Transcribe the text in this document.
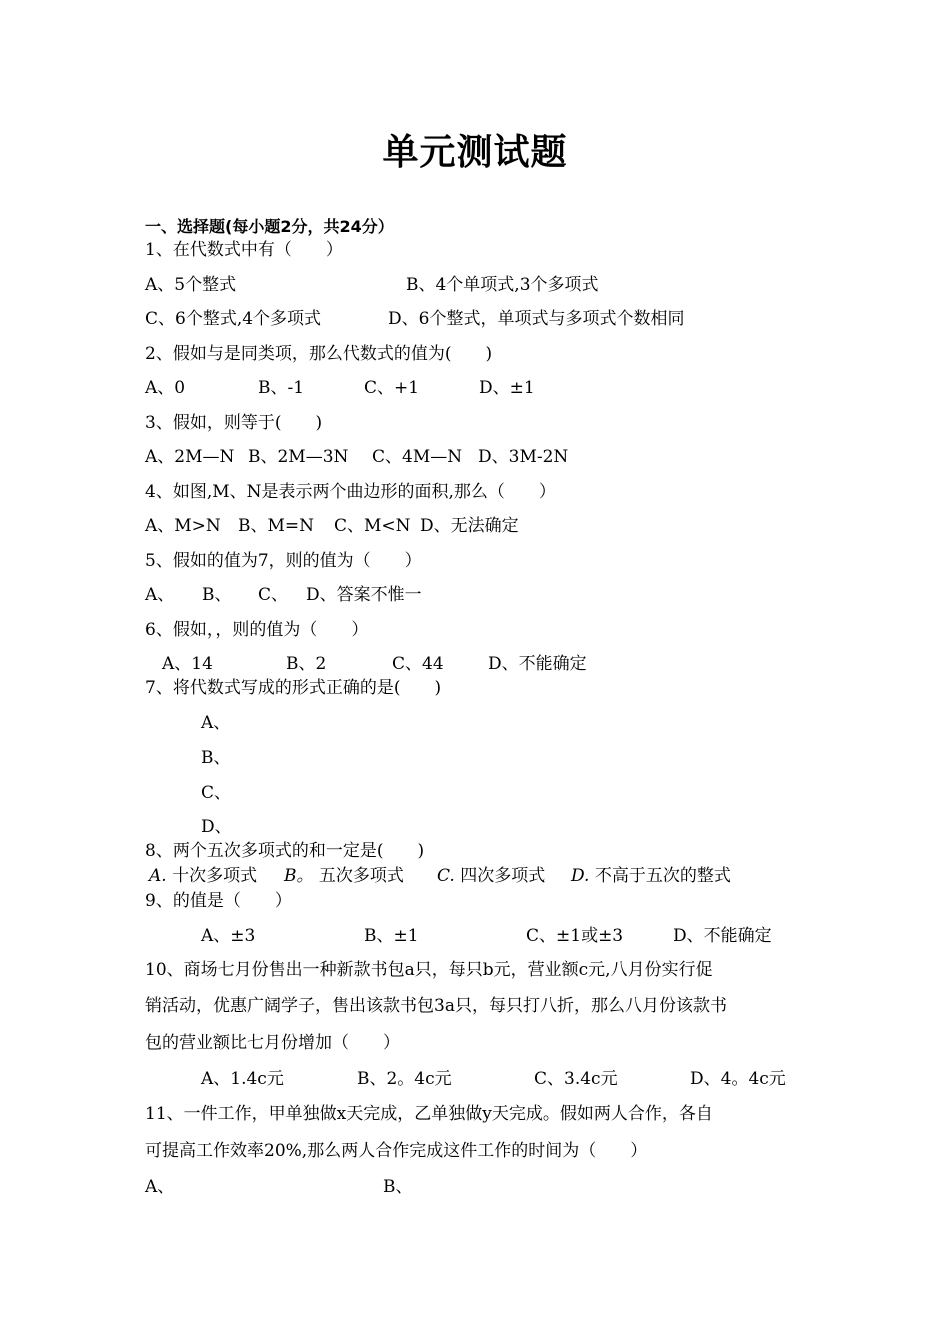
单元测试题
一、选择题(每小题2分，共24分）
1、在代数式中有（　　）
A、5个整式	B、4个单项式,3个多项式
C、6个整式,4个多项式	D、6个整式，单项式与多项式个数相同
2、假如与是同类项，那么代数式的值为(　　)
A、0	B、-1	C、+1	D、±1
3、假如，则等于(　　)
A、2M—N B、2M—3N C、4M—N D、3M-2N
4、如图,M、N是表示两个曲边形的面积,那么（　　）
A、M>N B、M=N C、M<N D、无法确定
5、假如的值为7，则的值为（　　）
A、 B、 C、 D、答案不惟一
6、假如，，则的值为（　　）
A、14	B、2	C、44	D、不能确定
7、将代数式写成的形式正确的是(　　)
A、
B、
C、
D、
8、两个五次多项式的和一定是(　　)
A. 十次多项式 B。 五次多项式 C. 四次多项式 D. 不高于五次的整式
9、的值是（　　）
A、±3	B、±1	C、±1或±3	D、不能确定
10、商场七月份售出一种新款书包a只，每只b元，营业额c元,八月份实行促
销活动，优惠广阔学子，售出该款书包3a只，每只打八折，那么八月份该款书
包的营业额比七月份增加（　　）
A、1.4c元	B、2。4c元	C、3.4c元	D、4。4c元
11、一件工作，甲单独做x天完成，乙单独做y天完成。假如两人合作，各自
可提高工作效率20%,那么两人合作完成这件工作的时间为（　　）
A、	B、
